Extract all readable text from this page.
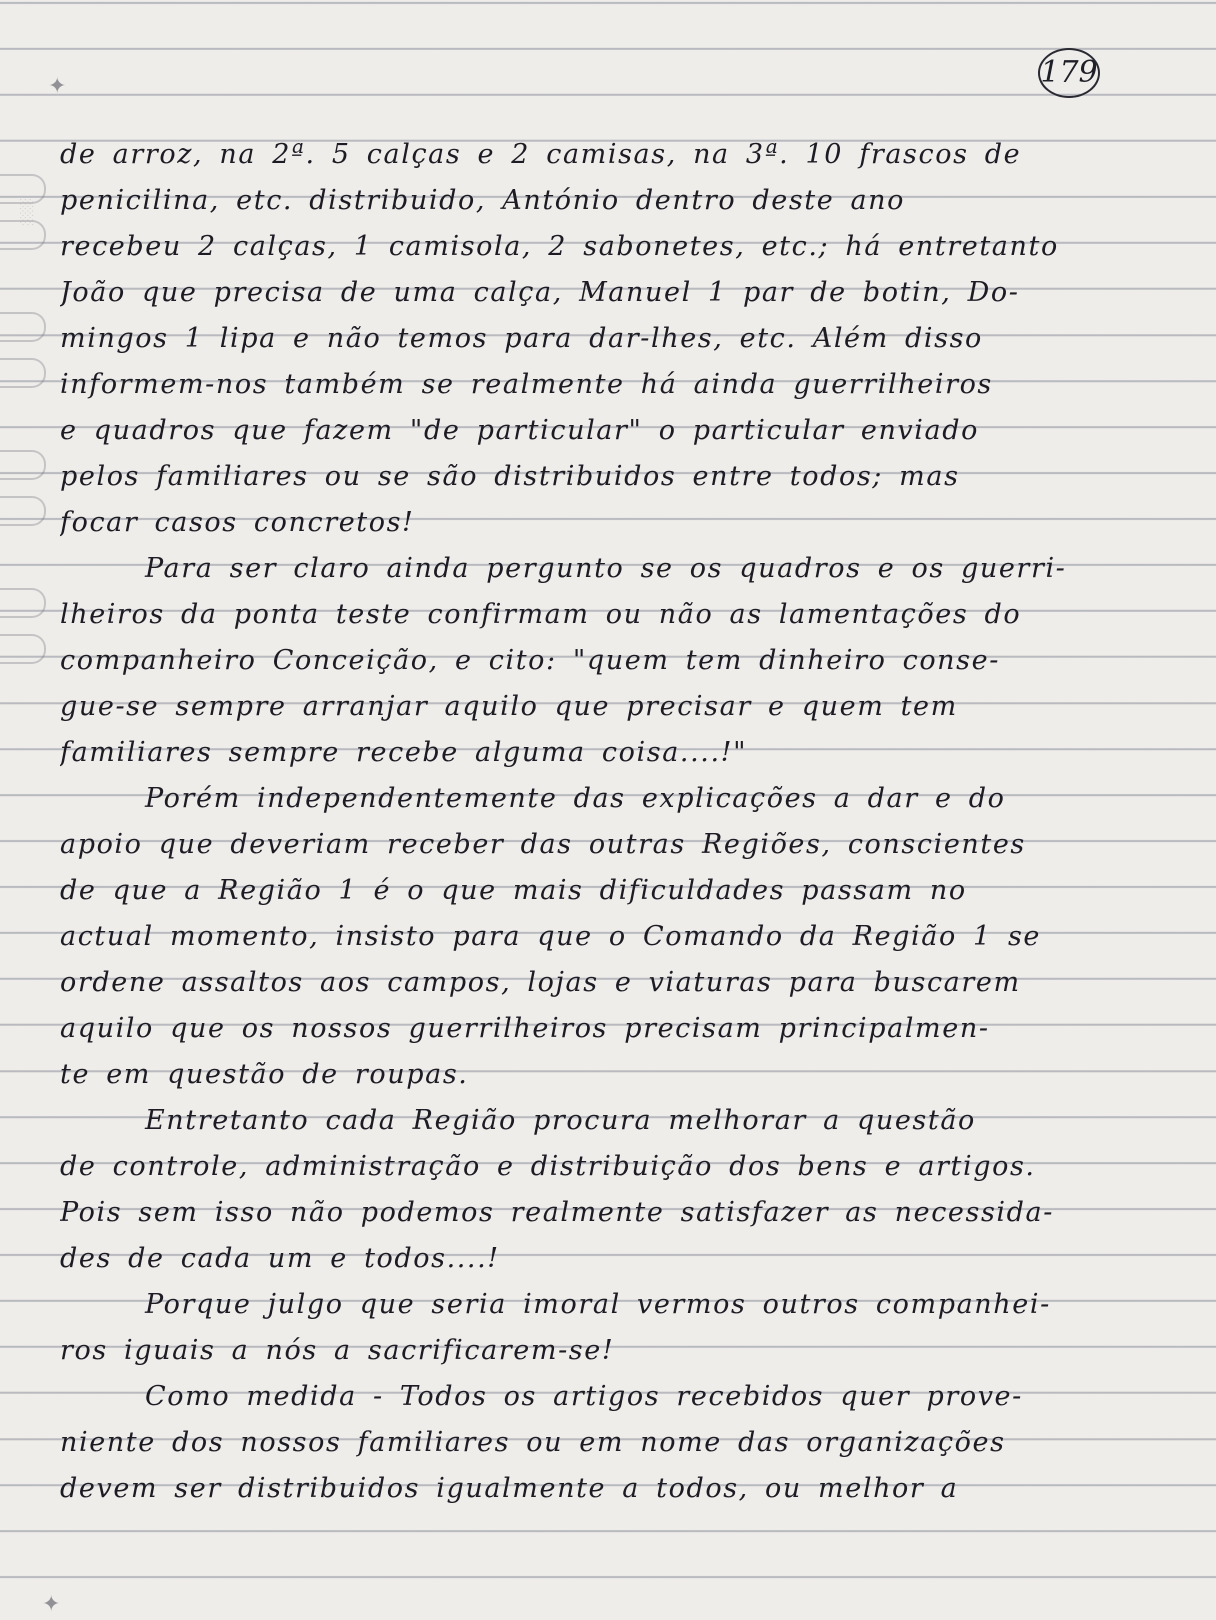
░
✦
✦
179
de arroz, na 2ª. 5 calças e 2 camisas, na 3ª. 10 frascos de
penicilina, etc. distribuido, António dentro deste ano
recebeu 2 calças, 1 camisola, 2 sabonetes, etc.; há entretanto
João que precisa de uma calça, Manuel 1 par de botin, Do-
mingos 1 lipa e não temos para dar-lhes, etc. Além disso
informem-nos também se realmente há ainda guerrilheiros
e quadros que fazem "de particular" o particular enviado
pelos familiares ou se são distribuidos entre todos; mas
focar casos concretos!
Para ser claro ainda pergunto se os quadros e os guerri-
lheiros da ponta teste confirmam ou não as lamentações do
companheiro Conceição, e cito: "quem tem dinheiro conse-
gue-se sempre arranjar aquilo que precisar e quem tem
familiares sempre recebe alguma coisa....!"
Porém independentemente das explicações a dar e do
apoio que deveriam receber das outras Regiões, conscientes
de que a Região 1 é o que mais dificuldades passam no
actual momento, insisto para que o Comando da Região 1 se
ordene assaltos aos campos, lojas e viaturas para buscarem
aquilo que os nossos guerrilheiros precisam principalmen-
te em questão de roupas.
Entretanto cada Região procura melhorar a questão
de controle, administração e distribuição dos bens e artigos.
Pois sem isso não podemos realmente satisfazer as necessida-
des de cada um e todos....!
Porque julgo que seria imoral vermos outros companhei-
ros iguais a nós a sacrificarem-se!
Como medida - Todos os artigos recebidos quer prove-
niente dos nossos familiares ou em nome das organizações
devem ser distribuidos igualmente a todos, ou melhor a
